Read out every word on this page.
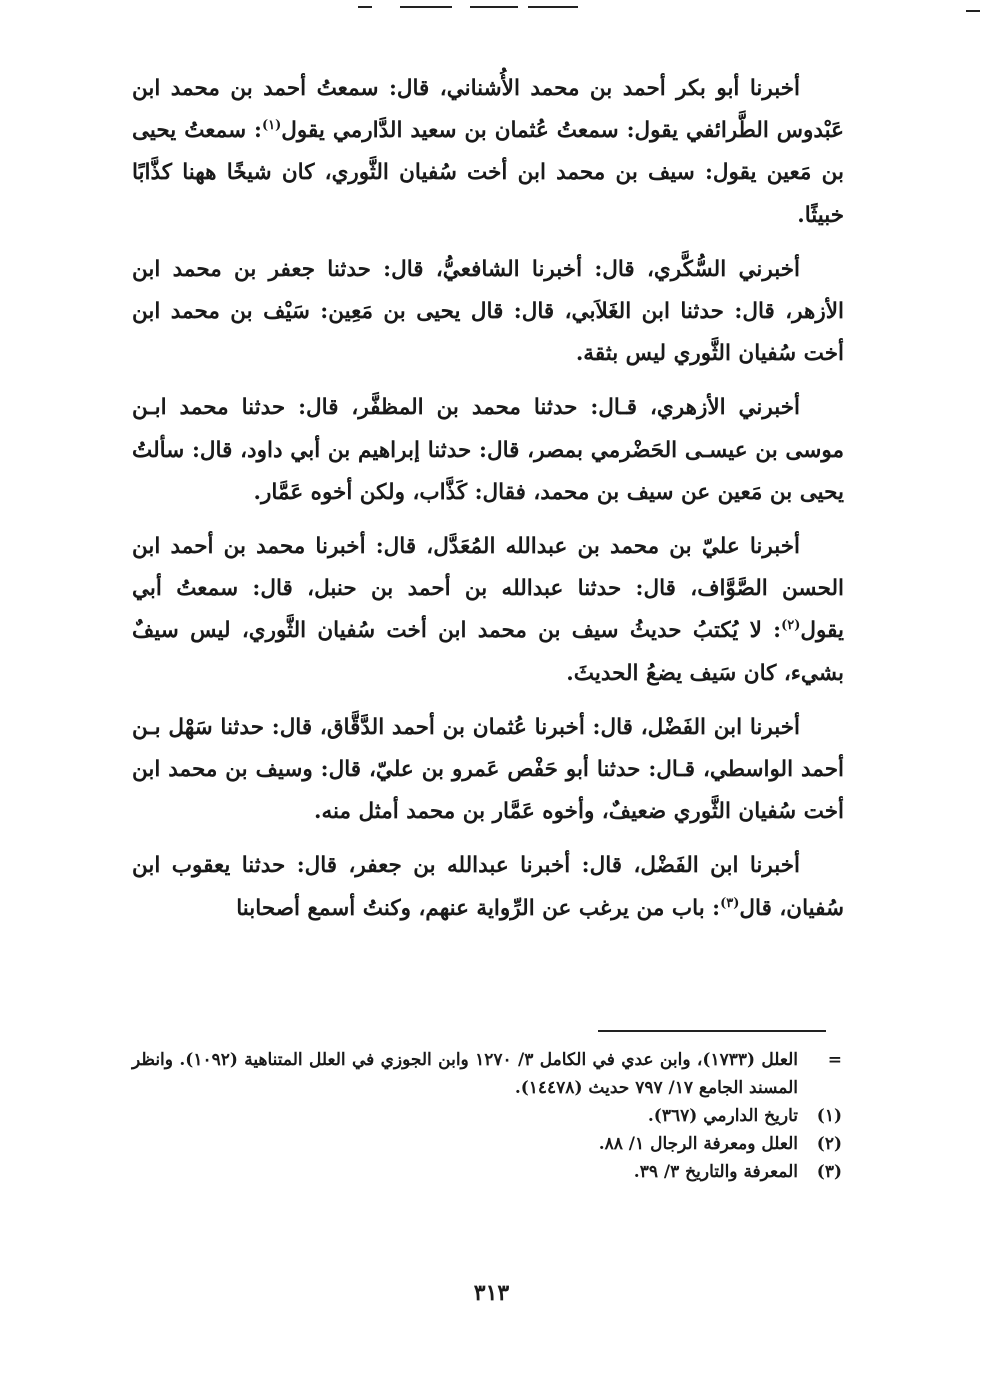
أخبرنا أبو بكر أحمد بن محمد الأُشناني، قال: سمعتُ أحمد بن محمد ابن عَبْدوس الطَّرائفي يقول: سمعتُ عُثمان بن سعيد الدَّارمي يقول$^{(١)}$: سمعتُ يحيى بن مَعين يقول: سيف بن محمد ابن أخت سُفيان الثَّوري، كان شيخًا ههنا كذَّابًا خبيثًا.

أخبرني السُّكَّري، قال: أخبرنا الشافعيُّ، قال: حدثنا جعفر بن محمد ابن الأزهر، قال: حدثنا ابن الغَلاَبي، قال: قال يحيى بن مَعِين: سَيْف بن محمد ابن أخت سُفيان الثَّوري ليس بثقة.

أخبرني الأزهري، قـال: حدثنا محمد بن المظفَّر، قال: حدثنا محمد ابـن موسى بن عيسـى الحَضْرمي بمصر، قال: حدثنا إبراهيم بن أبي داود، قال: سألتُ يحيى بن مَعين عن سيف بن محمد، فقال: كَذَّاب، ولكن أخوه عَمَّار.

أخبرنا عليّ بن محمد بن عبدالله المُعَدَّل، قال: أخبرنا محمد بن أحمد ابن الحسن الصَّوَّاف، قال: حدثنا عبدالله بن أحمد بن حنبل، قال: سمعتُ أبي يقول$^{(٢)}$: لا يُكتبُ حديثُ سيف بن محمد ابن أخت سُفيان الثَّوري، ليس سيفٌ بشيء، كان سَيف يضعُ الحديثَ.

أخبرنا ابن الفَضْل، قال: أخبرنا عُثمان بن أحمد الدَّقَّاق، قال: حدثنا سَهْل بـن أحمد الواسطي، قـال: حدثنا أبو حَفْص عَمرو بن عليّ، قال: وسيف بن محمد ابن أخت سُفيان الثَّوري ضعيفٌ، وأخوه عَمَّار بن محمد أمثل منه.

أخبرنا ابن الفَضْل، قال: أخبرنا عبدالله بن جعفر، قال: حدثنا يعقوب ابن سُفيان، قال$^{(٣)}$: باب من يرغب عن الرِّواية عنهم، وكنتُ أسمع أصحابنا

=
العلل (١٧٣٣)، وابن عدي في الكامل ٣/ ١٢٧٠ وابن الجوزي في العلل المتناهية (١٠٩٢). وانظر المسند الجامع ١٧/ ٧٩٧ حديث (١٤٤٧٨).
(١)
تاريخ الدارمي (٣٦٧).
(٢)
العلل ومعرفة الرجال ١/ ٨٨.
(٣)
المعرفة والتاريخ ٣/ ٣٩.
٣١٣
